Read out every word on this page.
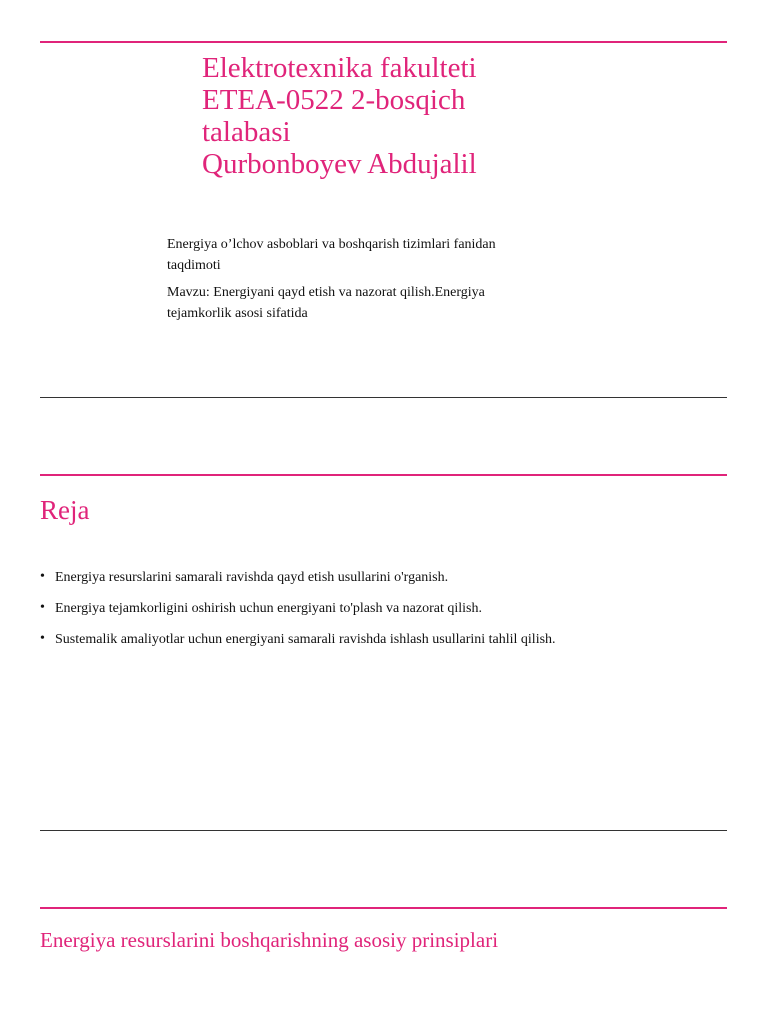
Elektrotexnika fakulteti
ETEA-0522 2-bosqich
talabasi
Qurbonboyev Abdujalil

Energiya o’lchov asboblari va boshqarish tizimlari fanidan taqdimoti

Mavzu: Energiyani qayd etish va nazorat qilish.Energiya tejamkorlik asosi sifatida

Reja
• Energiya resurslarini samarali ravishda qayd etish usullarini o'rganish.
• Energiya tejamkorligini oshirish uchun energiyani to'plash va nazorat qilish.
• Sustemalik amaliyotlar uchun energiyani samarali ravishda ishlash usullarini tahlil qilish.
Energiya resurslarini boshqarishning asosiy prinsiplari
